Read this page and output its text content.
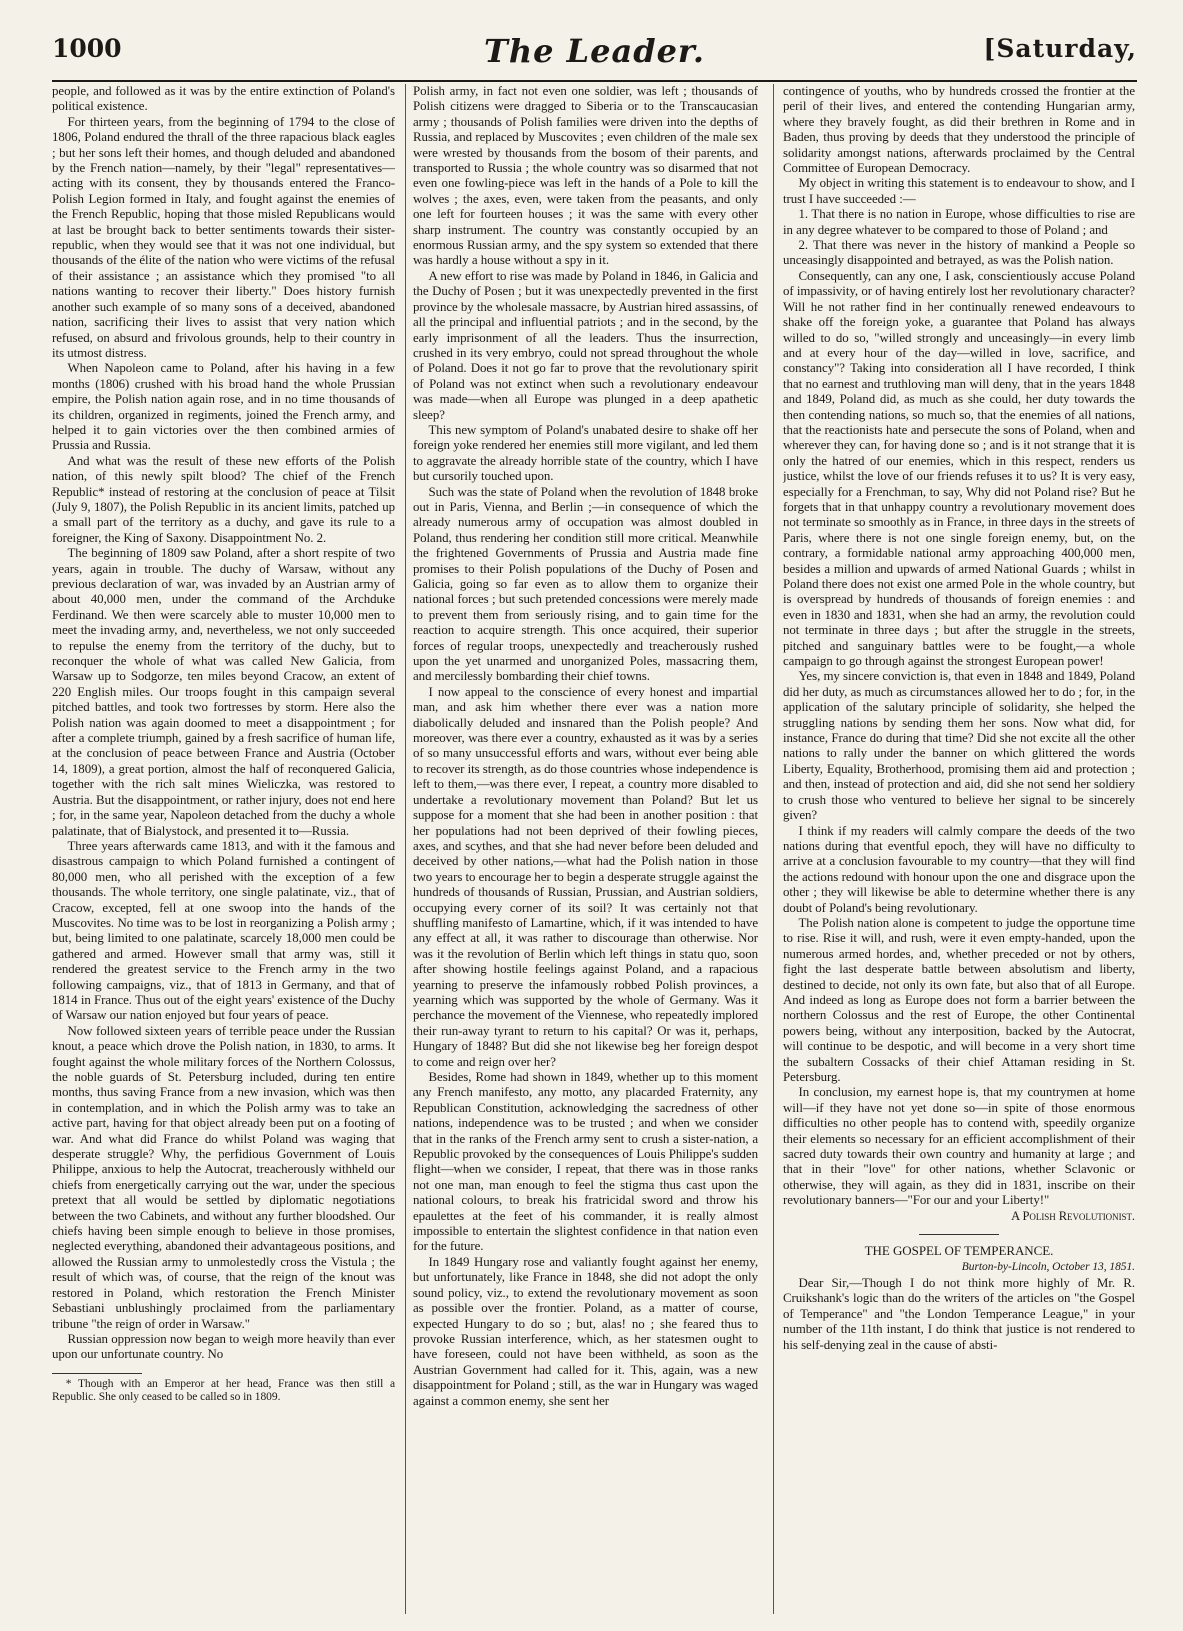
1000	The Leader.	[Saturday,

people, and followed as it was by the entire extinction of Poland's political existence.

For thirteen years, from the beginning of 1794 to the close of 1806, Poland endured the thrall of the three rapacious black eagles ; but her sons left their homes, and though deluded and abandoned by the French nation—namely, by their "legal" representatives—acting with its consent, they by thousands entered the Franco-Polish Legion formed in Italy, and fought against the enemies of the French Republic, hoping that those misled Republicans would at last be brought back to better sentiments towards their sister-republic, when they would see that it was not one individual, but thousands of the élite of the nation who were victims of the refusal of their assistance ; an assistance which they promised "to all nations wanting to recover their liberty." Does history furnish another such example of so many sons of a deceived, abandoned nation, sacrificing their lives to assist that very nation which refused, on absurd and frivolous grounds, help to their country in its utmost distress.

When Napoleon came to Poland, after his having in a few months (1806) crushed with his broad hand the whole Prussian empire, the Polish nation again rose, and in no time thousands of its children, organized in regiments, joined the French army, and helped it to gain victories over the then combined armies of Prussia and Russia.

And what was the result of these new efforts of the Polish nation, of this newly spilt blood? The chief of the French Republic* instead of restoring at the conclusion of peace at Tilsit (July 9, 1807), the Polish Republic in its ancient limits, patched up a small part of the territory as a duchy, and gave its rule to a foreigner, the King of Saxony. Disappointment No. 2.

The beginning of 1809 saw Poland, after a short respite of two years, again in trouble. The duchy of Warsaw, without any previous declaration of war, was invaded by an Austrian army of about 40,000 men, under the command of the Archduke Ferdinand. We then were scarcely able to muster 10,000 men to meet the invading army, and, nevertheless, we not only succeeded to repulse the enemy from the territory of the duchy, but to reconquer the whole of what was called New Galicia, from Warsaw up to Sodgorze, ten miles beyond Cracow, an extent of 220 English miles. Our troops fought in this campaign several pitched battles, and took two fortresses by storm. Here also the Polish nation was again doomed to meet a disappointment ; for after a complete triumph, gained by a fresh sacrifice of human life, at the conclusion of peace between France and Austria (October 14, 1809), a great portion, almost the half of reconquered Galicia, together with the rich salt mines Wieliczka, was restored to Austria. But the disappointment, or rather injury, does not end here ; for, in the same year, Napoleon detached from the duchy a whole palatinate, that of Bialystock, and presented it to—Russia.

Three years afterwards came 1813, and with it the famous and disastrous campaign to which Poland furnished a contingent of 80,000 men, who all perished with the exception of a few thousands. The whole territory, one single palatinate, viz., that of Cracow, excepted, fell at one swoop into the hands of the Muscovites. No time was to be lost in reorganizing a Polish army ; but, being limited to one palatinate, scarcely 18,000 men could be gathered and armed. However small that army was, still it rendered the greatest service to the French army in the two following campaigns, viz., that of 1813 in Germany, and that of 1814 in France. Thus out of the eight years' existence of the Duchy of Warsaw our nation enjoyed but four years of peace.

Now followed sixteen years of terrible peace under the Russian knout, a peace which drove the Polish nation, in 1830, to arms. It fought against the whole military forces of the Northern Colossus, the noble guards of St. Petersburg included, during ten entire months, thus saving France from a new invasion, which was then in contemplation, and in which the Polish army was to take an active part, having for that object already been put on a footing of war. And what did France do whilst Poland was waging that desperate struggle? Why, the perfidious Government of Louis Philippe, anxious to help the Autocrat, treacherously withheld our chiefs from energetically carrying out the war, under the specious pretext that all would be settled by diplomatic negotiations between the two Cabinets, and without any further bloodshed. Our chiefs having been simple enough to believe in those promises, neglected everything, abandoned their advantageous positions, and allowed the Russian army to unmolestedly cross the Vistula ; the result of which was, of course, that the reign of the knout was restored in Poland, which restoration the French Minister Sebastiani unblushingly proclaimed from the parliamentary tribune "the reign of order in Warsaw."

Russian oppression now began to weigh more heavily than ever upon our unfortunate country. No

* Though with an Emperor at her head, France was then still a Republic. She only ceased to be called so in 1809.

Polish army, in fact not even one soldier, was left ; thousands of Polish citizens were dragged to Siberia or to the Transcaucasian army ; thousands of Polish families were driven into the depths of Russia, and replaced by Muscovites ; even children of the male sex were wrested by thousands from the bosom of their parents, and transported to Russia ; the whole country was so disarmed that not even one fowling-piece was left in the hands of a Pole to kill the wolves ; the axes, even, were taken from the peasants, and only one left for fourteen houses ; it was the same with every other sharp instrument. The country was constantly occupied by an enormous Russian army, and the spy system so extended that there was hardly a house without a spy in it.

A new effort to rise was made by Poland in 1846, in Galicia and the Duchy of Posen ; but it was unexpectedly prevented in the first province by the wholesale massacre, by Austrian hired assassins, of all the principal and influential patriots ; and in the second, by the early imprisonment of all the leaders. Thus the insurrection, crushed in its very embryo, could not spread throughout the whole of Poland. Does it not go far to prove that the revolutionary spirit of Poland was not extinct when such a revolutionary endeavour was made—when all Europe was plunged in a deep apathetic sleep?

This new symptom of Poland's unabated desire to shake off her foreign yoke rendered her enemies still more vigilant, and led them to aggravate the already horrible state of the country, which I have but cursorily touched upon.

Such was the state of Poland when the revolution of 1848 broke out in Paris, Vienna, and Berlin ;—in consequence of which the already numerous army of occupation was almost doubled in Poland, thus rendering her condition still more critical. Meanwhile the frightened Governments of Prussia and Austria made fine promises to their Polish populations of the Duchy of Posen and Galicia, going so far even as to allow them to organize their national forces ; but such pretended concessions were merely made to prevent them from seriously rising, and to gain time for the reaction to acquire strength. This once acquired, their superior forces of regular troops, unexpectedly and treacherously rushed upon the yet unarmed and unorganized Poles, massacring them, and mercilessly bombarding their chief towns.

I now appeal to the conscience of every honest and impartial man, and ask him whether there ever was a nation more diabolically deluded and insnared than the Polish people? And moreover, was there ever a country, exhausted as it was by a series of so many unsuccessful efforts and wars, without ever being able to recover its strength, as do those countries whose independence is left to them,—was there ever, I repeat, a country more disabled to undertake a revolutionary movement than Poland? But let us suppose for a moment that she had been in another position : that her populations had not been deprived of their fowling pieces, axes, and scythes, and that she had never before been deluded and deceived by other nations,—what had the Polish nation in those two years to encourage her to begin a desperate struggle against the hundreds of thousands of Russian, Prussian, and Austrian soldiers, occupying every corner of its soil? It was certainly not that shuffling manifesto of Lamartine, which, if it was intended to have any effect at all, it was rather to discourage than otherwise. Nor was it the revolution of Berlin which left things in statu quo, soon after showing hostile feelings against Poland, and a rapacious yearning to preserve the infamously robbed Polish provinces, a yearning which was supported by the whole of Germany. Was it perchance the movement of the Viennese, who repeatedly implored their run-away tyrant to return to his capital? Or was it, perhaps, Hungary of 1848? But did she not likewise beg her foreign despot to come and reign over her?

Besides, Rome had shown in 1849, whether up to this moment any French manifesto, any motto, any placarded Fraternity, any Republican Constitution, acknowledging the sacredness of other nations, independence was to be trusted ; and when we consider that in the ranks of the French army sent to crush a sister-nation, a Republic provoked by the consequences of Louis Philippe's sudden flight—when we consider, I repeat, that there was in those ranks not one man, man enough to feel the stigma thus cast upon the national colours, to break his fratricidal sword and throw his epaulettes at the feet of his commander, it is really almost impossible to entertain the slightest confidence in that nation even for the future.

In 1849 Hungary rose and valiantly fought against her enemy, but unfortunately, like France in 1848, she did not adopt the only sound policy, viz., to extend the revolutionary movement as soon as possible over the frontier. Poland, as a matter of course, expected Hungary to do so ; but, alas! no ; she feared thus to provoke Russian interference, which, as her statesmen ought to have foreseen, could not have been withheld, as soon as the Austrian Government had called for it. This, again, was a new disappointment for Poland ; still, as the war in Hungary was waged against a common enemy, she sent her

contingence of youths, who by hundreds crossed the frontier at the peril of their lives, and entered the contending Hungarian army, where they bravely fought, as did their brethren in Rome and in Baden, thus proving by deeds that they understood the principle of solidarity amongst nations, afterwards proclaimed by the Central Committee of European Democracy.

My object in writing this statement is to endeavour to show, and I trust I have succeeded :—

1. That there is no nation in Europe, whose difficulties to rise are in any degree whatever to be compared to those of Poland ; and

2. That there was never in the history of mankind a People so unceasingly disappointed and betrayed, as was the Polish nation.

Consequently, can any one, I ask, conscientiously accuse Poland of impassivity, or of having entirely lost her revolutionary character? Will he not rather find in her continually renewed endeavours to shake off the foreign yoke, a guarantee that Poland has always willed to do so, "willed strongly and unceasingly—in every limb and at every hour of the day—willed in love, sacrifice, and constancy"? Taking into consideration all I have recorded, I think that no earnest and truthloving man will deny, that in the years 1848 and 1849, Poland did, as much as she could, her duty towards the then contending nations, so much so, that the enemies of all nations, that the reactionists hate and persecute the sons of Poland, when and wherever they can, for having done so ; and is it not strange that it is only the hatred of our enemies, which in this respect, renders us justice, whilst the love of our friends refuses it to us? It is very easy, especially for a Frenchman, to say, Why did not Poland rise? But he forgets that in that unhappy country a revolutionary movement does not terminate so smoothly as in France, in three days in the streets of Paris, where there is not one single foreign enemy, but, on the contrary, a formidable national army approaching 400,000 men, besides a million and upwards of armed National Guards ; whilst in Poland there does not exist one armed Pole in the whole country, but is overspread by hundreds of thousands of foreign enemies : and even in 1830 and 1831, when she had an army, the revolution could not terminate in three days ; but after the struggle in the streets, pitched and sanguinary battles were to be fought,—a whole campaign to go through against the strongest European power!

Yes, my sincere conviction is, that even in 1848 and 1849, Poland did her duty, as much as circumstances allowed her to do ; for, in the application of the salutary principle of solidarity, she helped the struggling nations by sending them her sons. Now what did, for instance, France do during that time? Did she not excite all the other nations to rally under the banner on which glittered the words Liberty, Equality, Brotherhood, promising them aid and protection ; and then, instead of protection and aid, did she not send her soldiery to crush those who ventured to believe her signal to be sincerely given?

I think if my readers will calmly compare the deeds of the two nations during that eventful epoch, they will have no difficulty to arrive at a conclusion favourable to my country—that they will find the actions redound with honour upon the one and disgrace upon the other ; they will likewise be able to determine whether there is any doubt of Poland's being revolutionary.

The Polish nation alone is competent to judge the opportune time to rise. Rise it will, and rush, were it even empty-handed, upon the numerous armed hordes, and, whether preceded or not by others, fight the last desperate battle between absolutism and liberty, destined to decide, not only its own fate, but also that of all Europe. And indeed as long as Europe does not form a barrier between the northern Colossus and the rest of Europe, the other Continental powers being, without any interposition, backed by the Autocrat, will continue to be despotic, and will become in a very short time the subaltern Cossacks of their chief Attaman residing in St. Petersburg.

In conclusion, my earnest hope is, that my countrymen at home will—if they have not yet done so—in spite of those enormous difficulties no other people has to contend with, speedily organize their elements so necessary for an efficient accomplishment of their sacred duty towards their own country and humanity at large ; and that in their "love" for other nations, whether Sclavonic or otherwise, they will again, as they did in 1831, inscribe on their revolutionary banners—"For our and your Liberty!"

A Polish Revolutionist.

THE GOSPEL OF TEMPERANCE.

Burton-by-Lincoln, October 13, 1851.

Dear Sir,—Though I do not think more highly of Mr. R. Cruikshank's logic than do the writers of the articles on "the Gospel of Temperance" and "the London Temperance League," in your number of the 11th instant, I do think that justice is not rendered to his self-denying zeal in the cause of absti-
